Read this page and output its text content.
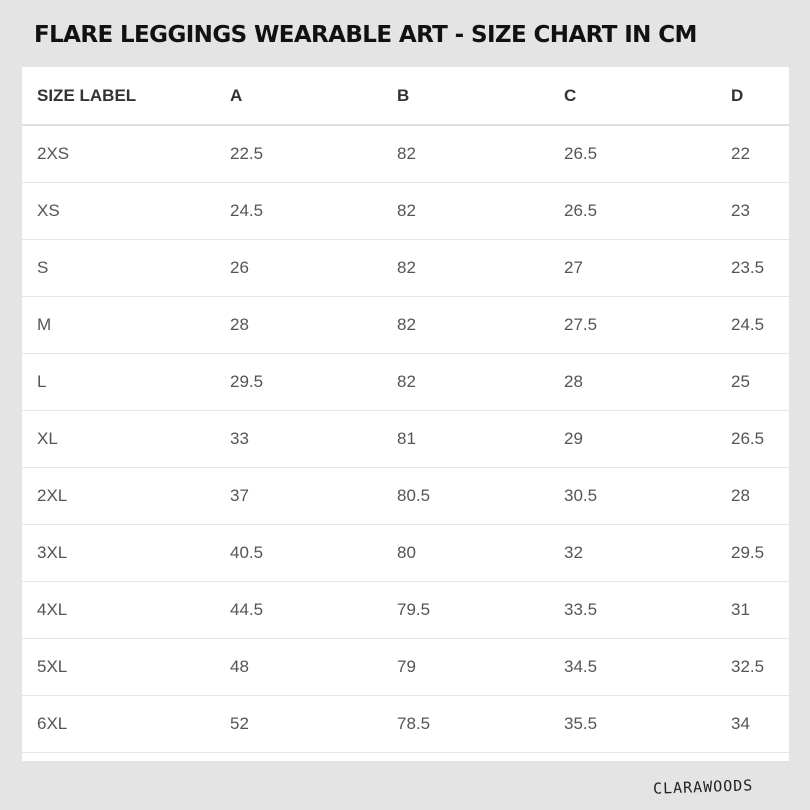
FLARE LEGGINGS WEARABLE ART - SIZE CHART IN CM
SIZE LABEL	A	B	C	D
2XS	22.5	82	26.5	22
XS	24.5	82	26.5	23
S	26	82	27	23.5
M	28	82	27.5	24.5
L	29.5	82	28	25
XL	33	81	29	26.5
2XL	37	80.5	30.5	28
3XL	40.5	80	32	29.5
4XL	44.5	79.5	33.5	31
5XL	48	79	34.5	32.5
6XL	52	78.5	35.5	34
CLARAWOODS
